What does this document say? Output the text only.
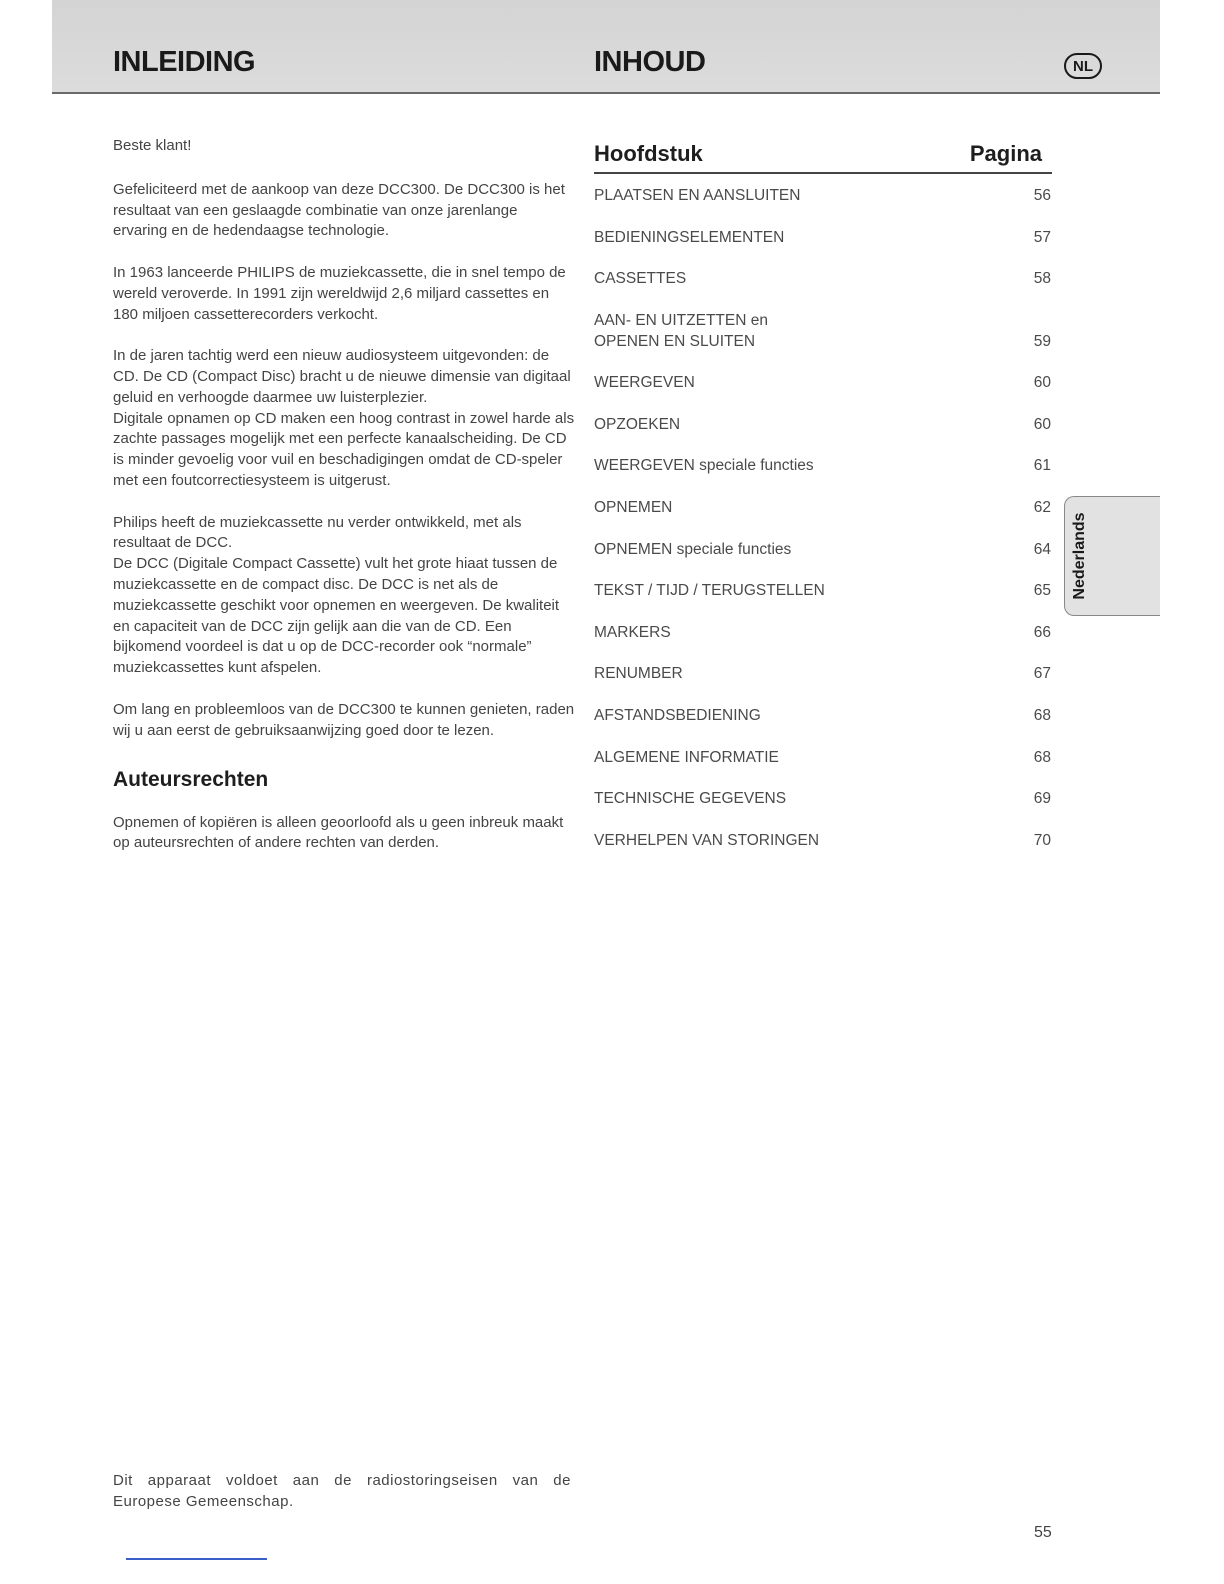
INLEIDING	INHOUD	NL

Beste klant!

Gefeliciteerd met de aankoop van deze DCC300. De DCC300 is het resultaat van een geslaagde combinatie van onze jarenlange ervaring en de hedendaagse technologie.

In 1963 lanceerde PHILIPS de muziekcassette, die in snel tempo de wereld veroverde. In 1991 zijn wereldwijd 2,6 miljard cassettes en 180 miljoen cassetterecorders verkocht.

In de jaren tachtig werd een nieuw audiosysteem uitgevonden: de CD. De CD (Compact Disc) bracht u de nieuwe dimensie van digitaal geluid en verhoogde daarmee uw luisterplezier.

Digitale opnamen op CD maken een hoog contrast in zowel harde als zachte passages mogelijk met een perfecte kanaalscheiding. De CD is minder gevoelig voor vuil en beschadigingen omdat de CD-speler met een foutcorrectiesysteem is uitgerust.

Philips heeft de muziekcassette nu verder ontwikkeld, met als resultaat de DCC.

De DCC (Digitale Compact Cassette) vult het grote hiaat tussen de muziekcassette en de compact disc. De DCC is net als de muziekcassette geschikt voor opnemen en weergeven. De kwaliteit en capaciteit van de DCC zijn gelijk aan die van de CD. Een bijkomend voordeel is dat u op de DCC-recorder ook “normale” muziekcassettes kunt afspelen.

Om lang en probleemloos van de DCC300 te kunnen genieten, raden wij u aan eerst de gebruiksaanwijzing goed door te lezen.

Auteursrechten

Opnemen of kopiëren is alleen geoorloofd als u geen inbreuk maakt op auteursrechten of andere rechten van derden.

Hoofdstuk	Pagina
PLAATSEN EN AANSLUITEN	56
BEDIENINGSELEMENTEN	57
CASSETTES	58
AAN- EN UITZETTEN en
OPENEN EN SLUITEN	59
WEERGEVEN	60
OPZOEKEN	60
WEERGEVEN speciale functies	61
OPNEMEN	62
OPNEMEN speciale functies	64
TEKST / TIJD / TERUGSTELLEN	65
MARKERS	66
RENUMBER	67
AFSTANDSBEDIENING	68
ALGEMENE INFORMATIE	68
TECHNISCHE GEGEVENS	69
VERHELPEN VAN STORINGEN	70
Nederlands
Dit apparaat voldoet aan de radiostoringseisen van de Europese Gemeenschap.
55
